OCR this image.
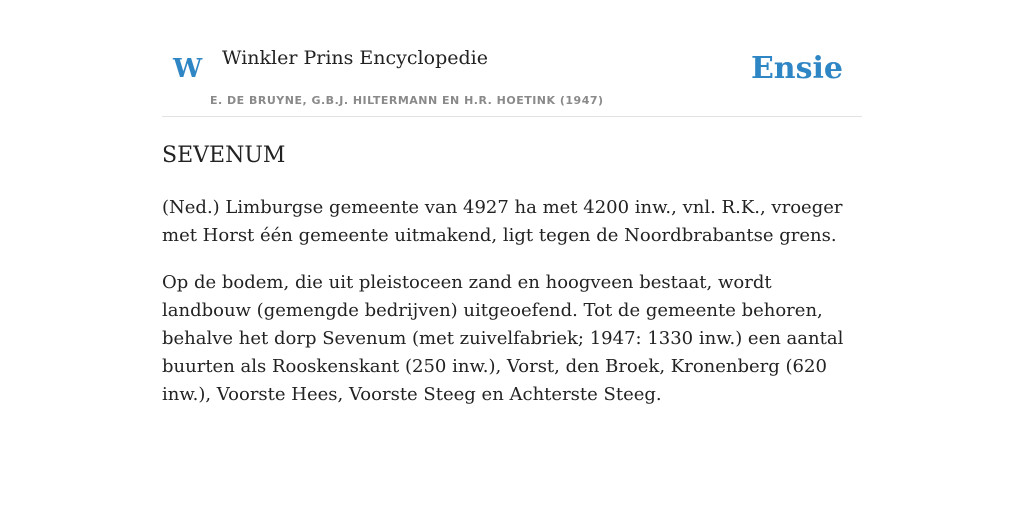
W Winkler Prins Encyclopedie
E. DE BRUYNE, G.B.J. HILTERMANN EN H.R. HOETINK (1947)
Ensie
SEVENUM

(Ned.) Limburgse gemeente van 4927 ha met 4200 inw., vnl. R.K., vroeger met Horst één gemeente uitmakend, ligt tegen de Noordbrabantse grens.

Op de bodem, die uit pleistoceen zand en hoogveen bestaat, wordt landbouw (gemengde bedrijven) uitgeoefend. Tot de gemeente behoren, behalve het dorp Sevenum (met zuivelfabriek; 1947: 1330 inw.) een aantal buurten als Rooskenskant (250 inw.), Vorst, den Broek, Kronenberg (620 inw.), Voorste Hees, Voorste Steeg en Achterste Steeg.
